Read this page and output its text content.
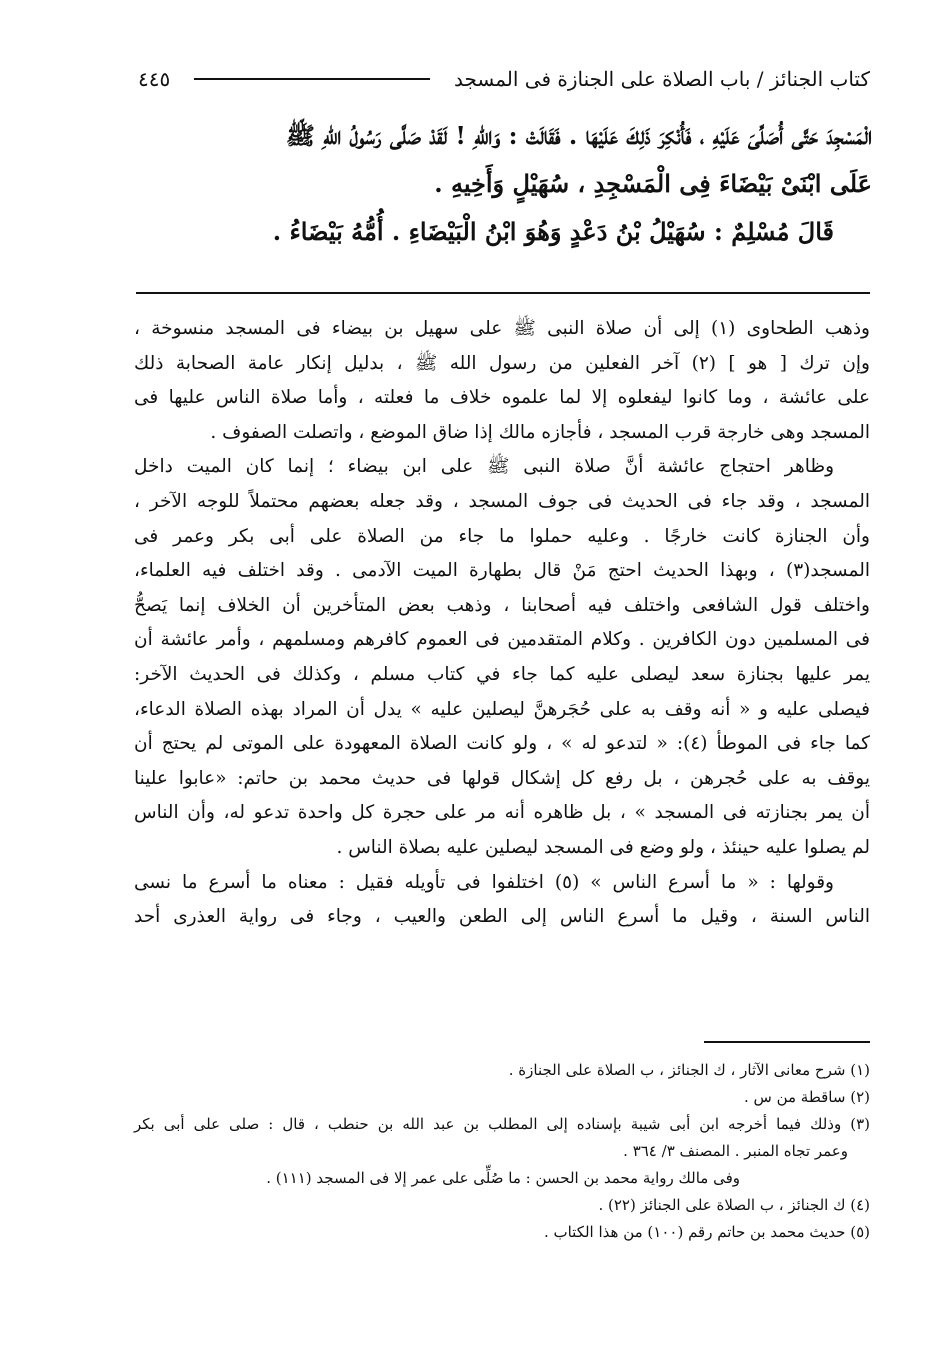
كتاب الجنائز / باب الصلاة على الجنازة فى المسجد
٤٤٥

الْمَسْجِدَ حَتَّى أُصَلِّىَ عَلَيْهِ ، فَأُنْكِرَ ذَلِكَ عَلَيْهَا . فَقَالَتْ : وَاللهِ ! لَقَدْ صَلَّى رَسُولُ اللهِ ﷺ

عَلَى ابْنَىْ بَيْضَاءَ فِى الْمَسْجِدِ ، سُهَيْلٍ وَأَخِيهِ .

قَالَ مُسْلِمٌ : سُهَيْلُ بْنُ دَعْدٍ وَهُوَ ابْنُ الْبَيْضَاءِ . أُمُّهُ بَيْضَاءُ .

وذهب الطحاوى (١) إلى أن صلاة النبى ﷺ على سهيل بن بيضاء فى المسجد منسوخة ،

وإن ترك [ هو ] (٢) آخر الفعلين من رسول الله ﷺ ، بدليل إنكار عامة الصحابة ذلك

على عائشة ، وما كانوا ليفعلوه إلا لما علموه خلاف ما فعلته ، وأما صلاة الناس عليها فى

المسجد وهى خارجة قرب المسجد ، فأجازه مالك إذا ضاق الموضع ، واتصلت الصفوف .

وظاهر احتجاج عائشة أنَّ صلاة النبى ﷺ على ابن بيضاء ؛ إنما كان الميت داخل

المسجد ، وقد جاء فى الحديث فى جوف المسجد ، وقد جعله بعضهم محتملاً للوجه الآخر ،

وأن الجنازة كانت خارجًا . وعليه حملوا ما جاء من الصلاة على أبى بكر وعمر فى

المسجد(٣) ، وبهذا الحديث احتج مَنْ قال بطهارة الميت الآدمى . وقد اختلف فيه العلماء،

واختلف قول الشافعى واختلف فيه أصحابنا ، وذهب بعض المتأخرين أن الخلاف إنما يَصحُّ

فى المسلمين دون الكافرين . وكلام المتقدمين فى العموم كافرهم ومسلمهم ، وأمر عائشة أن

يمر عليها بجنازة سعد ليصلى عليه كما جاء في كتاب مسلم ، وكذلك فى الحديث الآخر:

فيصلى عليه و « أنه وقف به على حُجَرهنَّ ليصلين عليه » يدل أن المراد بهذه الصلاة الدعاء،

كما جاء فى الموطأ (٤): « لتدعو له » ، ولو كانت الصلاة المعهودة على الموتى لم يحتج أن

يوقف به على حُجرهن ، بل رفع كل إشكال قولها فى حديث محمد بن حاتم: «عابوا علينا

أن يمر بجنازته فى المسجد » ، بل ظاهره أنه مر على حجرة كل واحدة تدعو له، وأن الناس

لم يصلوا عليه حينئذ ، ولو وضع فى المسجد ليصلين عليه بصلاة الناس .

وقولها : « ما أسرع الناس » (٥) اختلفوا فى تأويله فقيل : معناه ما أسرع ما نسى

الناس السنة ، وقيل ما أسرع الناس إلى الطعن والعيب ، وجاء فى رواية العذرى أحد

(١) شرح معانى الآثار ، ك الجنائز ، ب الصلاة على الجنازة .

(٢) ساقطة من س .

(٣) وذلك فيما أخرجه ابن أبى شيبة بإسناده إلى المطلب بن عبد الله بن حنطب ، قال : صلى على أبى بكر

وعمر تجاه المنبر . المصنف ٣/ ٣٦٤ .

وفى مالك رواية محمد بن الحسن : ما صُلِّى على عمر إلا فى المسجد (١١١) .

(٤) ك الجنائز ، ب الصلاة على الجنائز (٢٢) .

(٥) حديث محمد بن حاتم رقم (١٠٠) من هذا الكتاب .
